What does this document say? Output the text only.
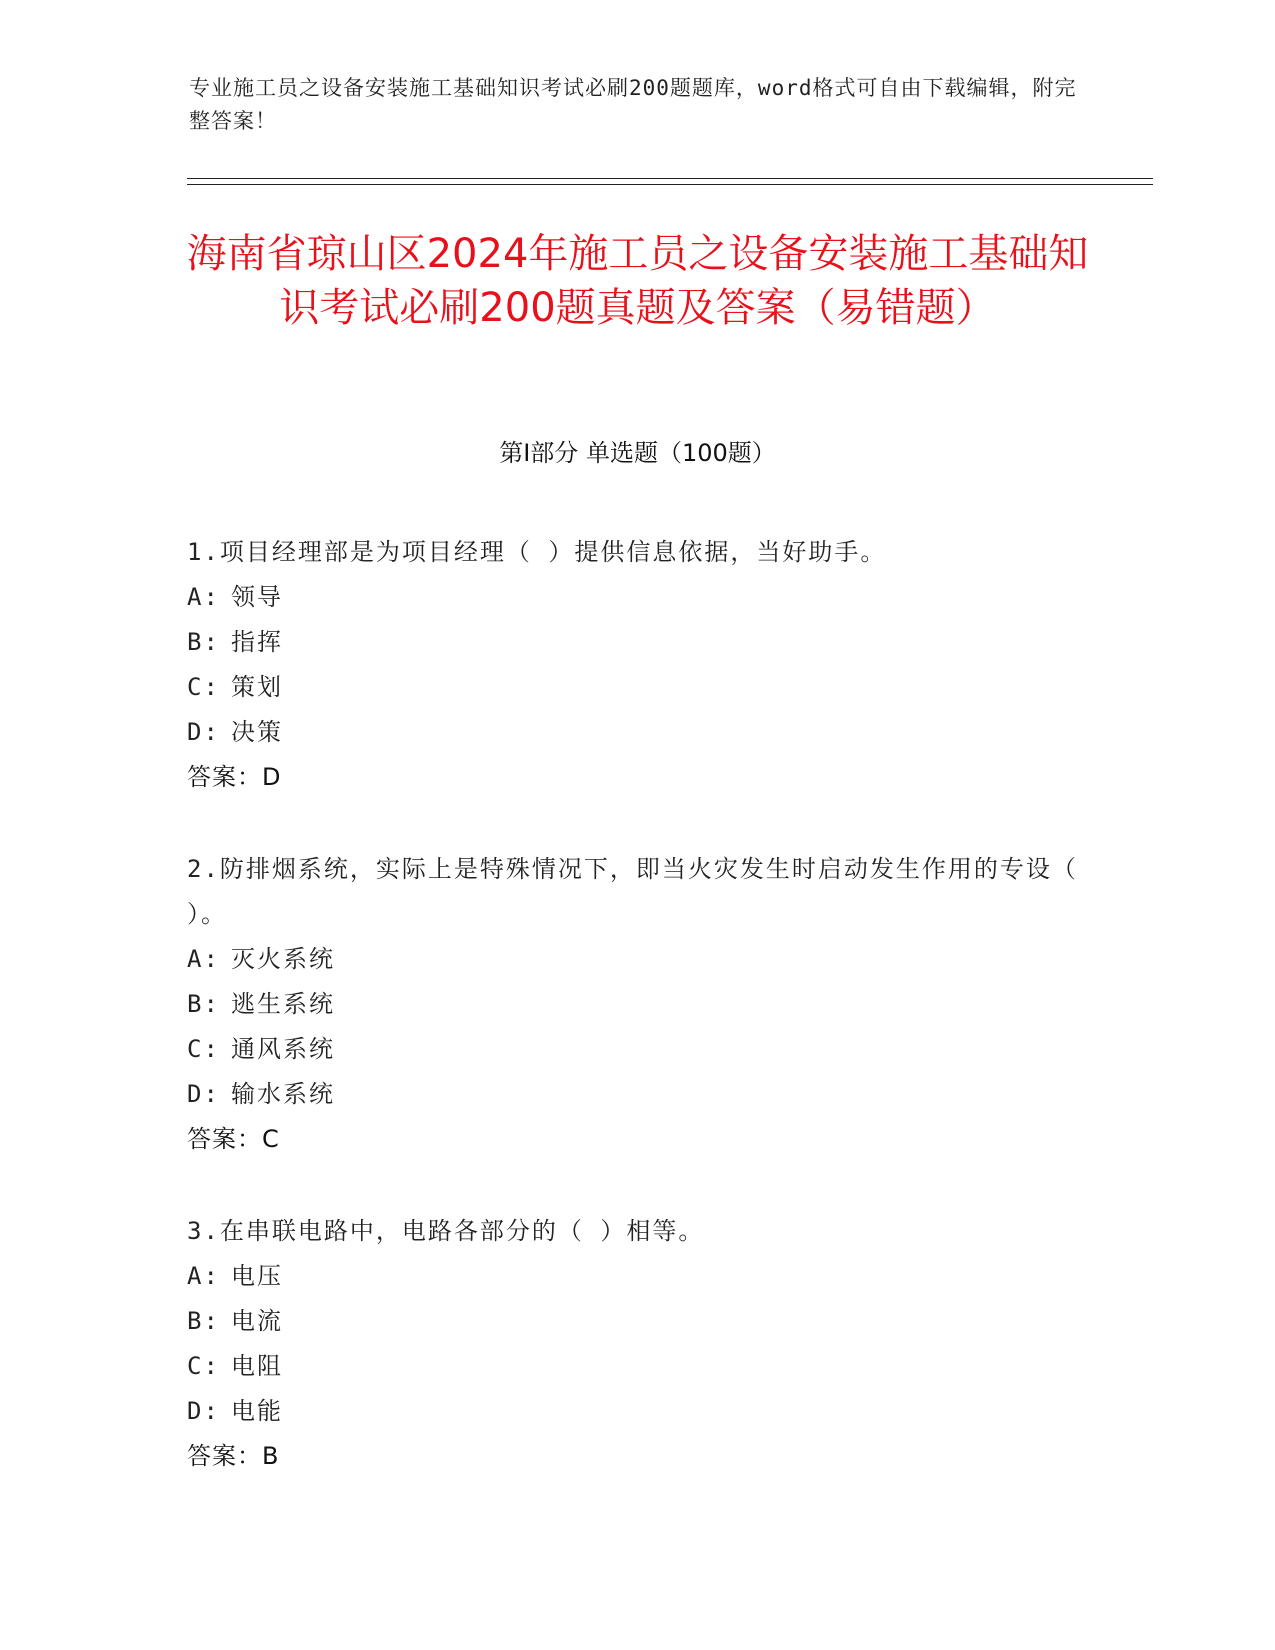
专业施工员之设备安装施工基础知识考试必刷200题题库，word格式可自由下载编辑，附完整答案！
海南省琼山区2024年施工员之设备安装施工基础知识考试必刷200题真题及答案（易错题）
第Ⅰ部分 单选题（100题）
1.项目经理部是为项目经理（ ）提供信息依据，当好助手。
A: 领导
B: 指挥
C: 策划
D: 决策
答案：D
2.防排烟系统，实际上是特殊情况下，即当火灾发生时启动发生作用的专设（ ）。
A: 灭火系统
B: 逃生系统
C: 通风系统
D: 输水系统
答案：C
3.在串联电路中，电路各部分的（ ）相等。
A: 电压
B: 电流
C: 电阻
D: 电能
答案：B
